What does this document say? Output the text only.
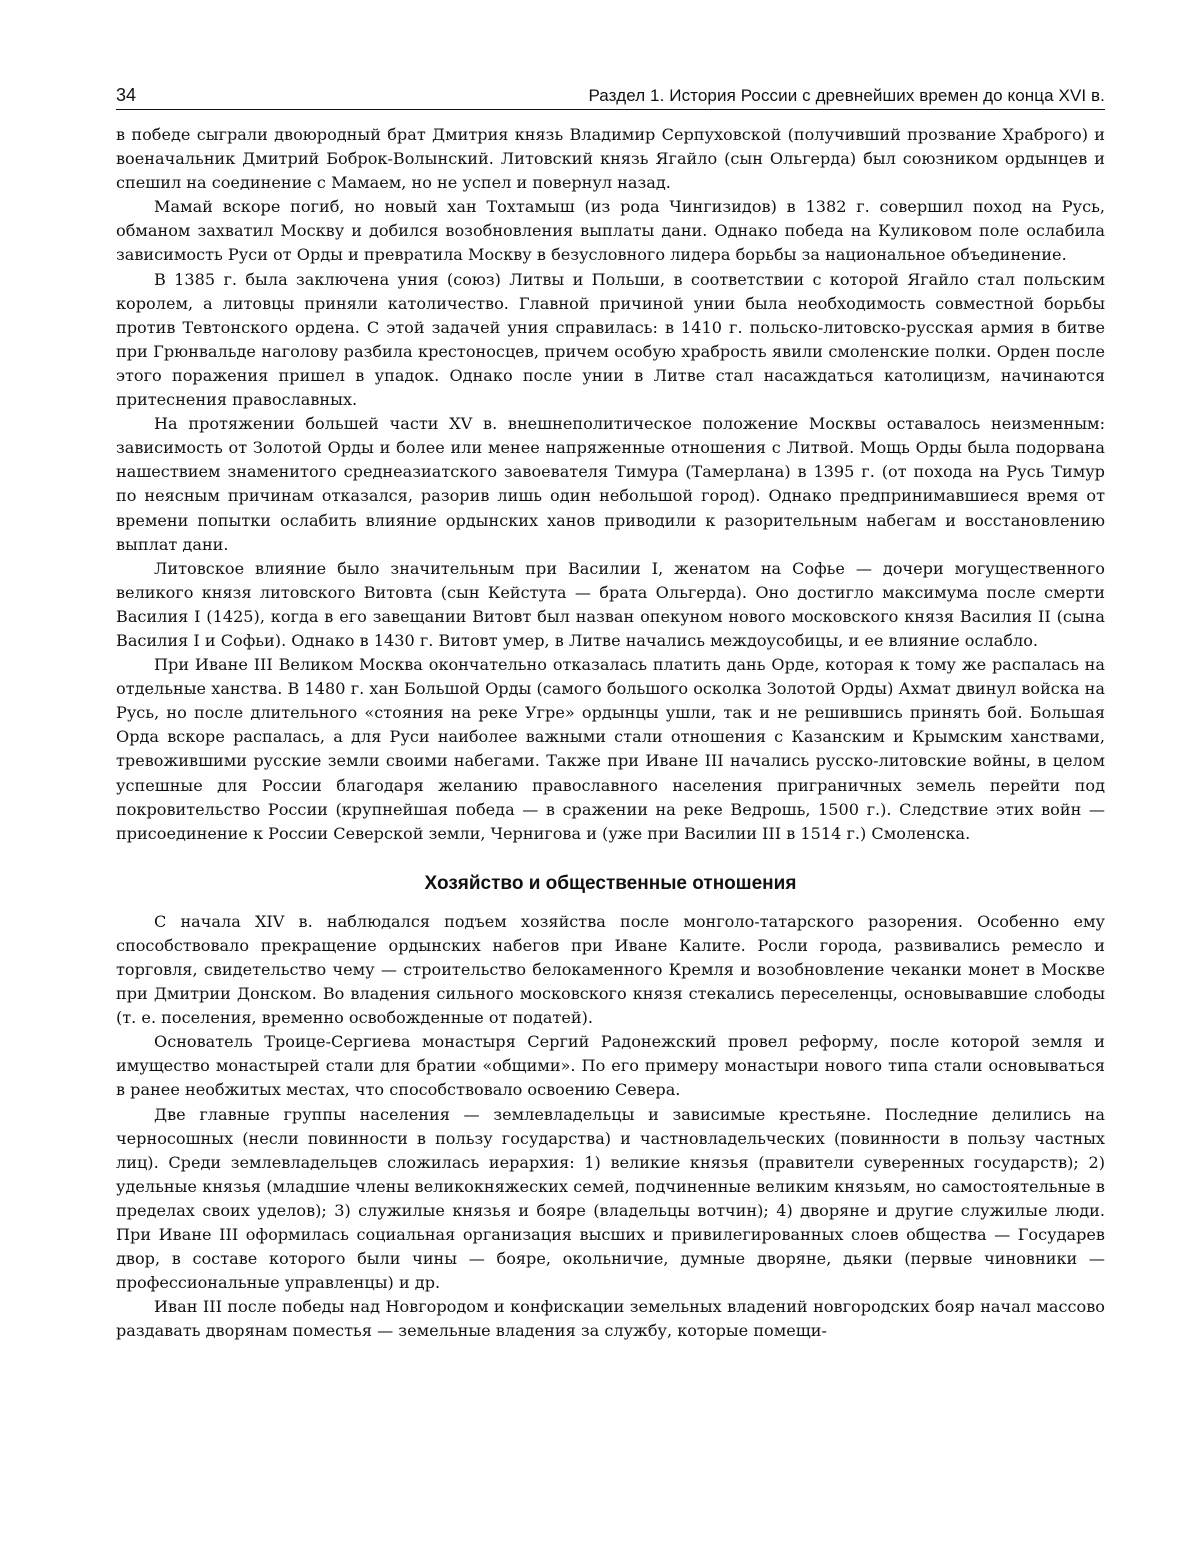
34	Раздел 1. История России с древнейших времен до конца XVI в.

в победе сыграли двоюродный брат Дмитрия князь Владимир Серпуховской (получивший прозвание Храброго) и военачальник Дмитрий Боброк-Волынский. Литовский князь Ягайло (сын Ольгерда) был союзником ордынцев и спешил на соединение с Мамаем, но не успел и повернул назад.

Мамай вскоре погиб, но новый хан Тохтамыш (из рода Чингизидов) в 1382 г. совершил поход на Русь, обманом захватил Москву и добился возобновления выплаты дани. Однако победа на Куликовом поле ослабила зависимость Руси от Орды и превратила Москву в безусловного лидера борьбы за национальное объединение.

В 1385 г. была заключена уния (союз) Литвы и Польши, в соответствии с которой Ягайло стал польским королем, а литовцы приняли католичество. Главной причиной унии была необходимость совместной борьбы против Тевтонского ордена. С этой задачей уния справилась: в 1410 г. польско-литовско-русская армия в битве при Грюнвальде наголову разбила крестоносцев, причем особую храбрость явили смоленские полки. Орден после этого поражения пришел в упадок. Однако после унии в Литве стал насаждаться католицизм, начинаются притеснения православных.

На протяжении большей части XV в. внешнеполитическое положение Москвы оставалось неизменным: зависимость от Золотой Орды и более или менее напряженные отношения с Литвой. Мощь Орды была подорвана нашествием знаменитого среднеазиатского завоевателя Тимура (Тамерлана) в 1395 г. (от похода на Русь Тимур по неясным причинам отказался, разорив лишь один небольшой город). Однако предпринимавшиеся время от времени попытки ослабить влияние ордынских ханов приводили к разорительным набегам и восстановлению выплат дани.

Литовское влияние было значительным при Василии I, женатом на Софье — дочери могущественного великого князя литовского Витовта (сын Кейстута — брата Ольгерда). Оно достигло максимума после смерти Василия I (1425), когда в его завещании Витовт был назван опекуном нового московского князя Василия II (сына Василия I и Софьи). Однако в 1430 г. Витовт умер, в Литве начались междоусобицы, и ее влияние ослабло.

При Иване III Великом Москва окончательно отказалась платить дань Орде, которая к тому же распалась на отдельные ханства. В 1480 г. хан Большой Орды (самого большого осколка Золотой Орды) Ахмат двинул войска на Русь, но после длительного «стояния на реке Угре» ордынцы ушли, так и не решившись принять бой. Большая Орда вскоре распалась, а для Руси наиболее важными стали отношения с Казанским и Крымским ханствами, тревожившими русские земли своими набегами. Также при Иване III начались русско-литовские войны, в целом успешные для России благодаря желанию православного населения приграничных земель перейти под покровительство России (крупнейшая победа — в сражении на реке Ведрошь, 1500 г.). Следствие этих войн — присоединение к России Северской земли, Чернигова и (уже при Василии III в 1514 г.) Смоленска.

Хозяйство и общественные отношения

С начала XIV в. наблюдался подъем хозяйства после монголо-татарского разорения. Особенно ему способствовало прекращение ордынских набегов при Иване Калите. Росли города, развивались ремесло и торговля, свидетельство чему — строительство белокаменного Кремля и возобновление чеканки монет в Москве при Дмитрии Донском. Во владения сильного московского князя стекались переселенцы, основывавшие слободы (т. е. поселения, временно освобожденные от податей).

Основатель Троице-Сергиева монастыря Сергий Радонежский провел реформу, после которой земля и имущество монастырей стали для братии «общими». По его примеру монастыри нового типа стали основываться в ранее необжитых местах, что способствовало освоению Севера.

Две главные группы населения — землевладельцы и зависимые крестьяне. Последние делились на черносошных (несли повинности в пользу государства) и частновладельческих (повинности в пользу частных лиц). Среди землевладельцев сложилась иерархия: 1) великие князья (правители суверенных государств); 2) удельные князья (младшие члены великокняжеских семей, подчиненные великим князьям, но самостоятельные в пределах своих уделов); 3) служилые князья и бояре (владельцы вотчин); 4) дворяне и другие служилые люди. При Иване III оформилась социальная организация высших и привилегированных слоев общества — Государев двор, в составе которого были чины — бояре, окольничие, думные дворяне, дьяки (первые чиновники — профессиональные управленцы) и др.

Иван III после победы над Новгородом и конфискации земельных владений новгородских бояр начал массово раздавать дворянам поместья — земельные владения за службу, которые помещи-
